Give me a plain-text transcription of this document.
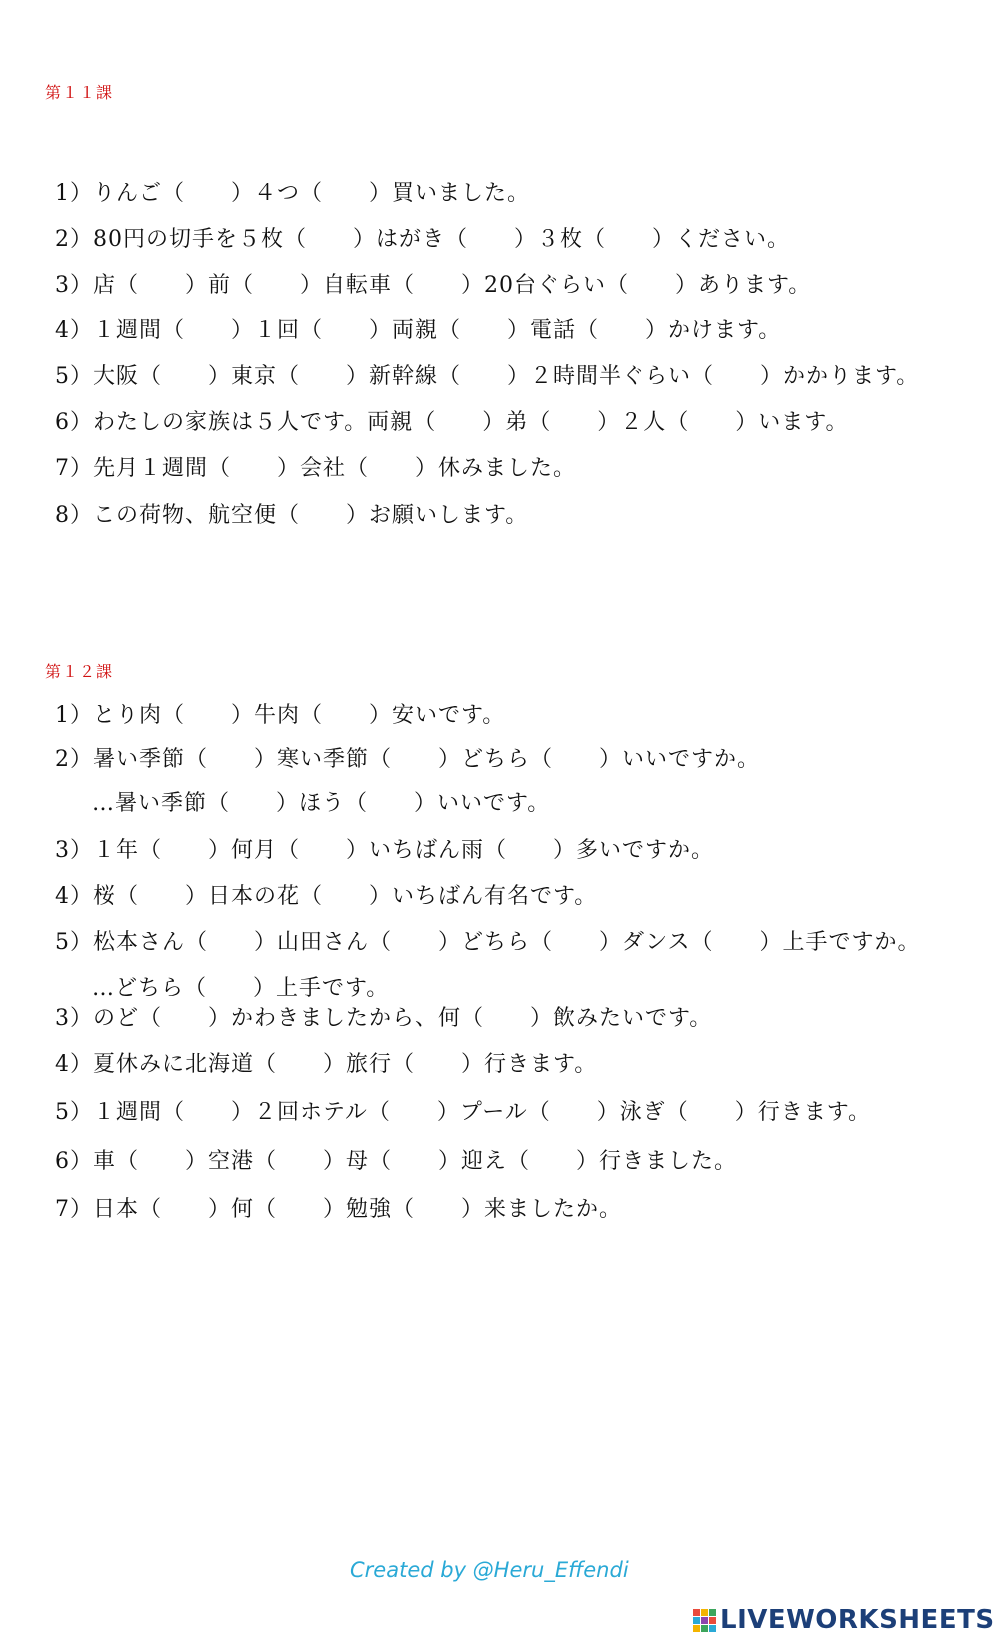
第１１課
1）りんご（　　）４つ（　　）買いました。
2）80円の切手を５枚（　　）はがき（　　）３枚（　　）ください。
3）店（　　）前（　　）自転車（　　）20台ぐらい（　　）あります。
4）１週間（　　）１回（　　）両親（　　）電話（　　）かけます。
5）大阪（　　）東京（　　）新幹線（　　）２時間半ぐらい（　　）かかります。
6）わたしの家族は５人です。両親（　　）弟（　　）２人（　　）います。
7）先月１週間（　　）会社（　　）休みました。
8）この荷物、航空便（　　）お願いします。
第１２課
1）とり肉（　　）牛肉（　　）安いです。
2）暑い季節（　　）寒い季節（　　）どちら（　　）いいですか。
…暑い季節（　　）ほう（　　）いいです。
3）１年（　　）何月（　　）いちばん雨（　　）多いですか。
4）桜（　　）日本の花（　　）いちばん有名です。
5）松本さん（　　）山田さん（　　）どちら（　　）ダンス（　　）上手ですか。
…どちら（　　）上手です。
3）のど（　　）かわきましたから、何（　　）飲みたいです。
4）夏休みに北海道（　　）旅行（　　）行きます。
5）１週間（　　）２回ホテル（　　）プール（　　）泳ぎ（　　）行きます。
6）車（　　）空港（　　）母（　　）迎え（　　）行きました。
7）日本（　　）何（　　）勉強（　　）来ましたか。
Created by @Heru_Effendi
LIVEWORKSHEETS
